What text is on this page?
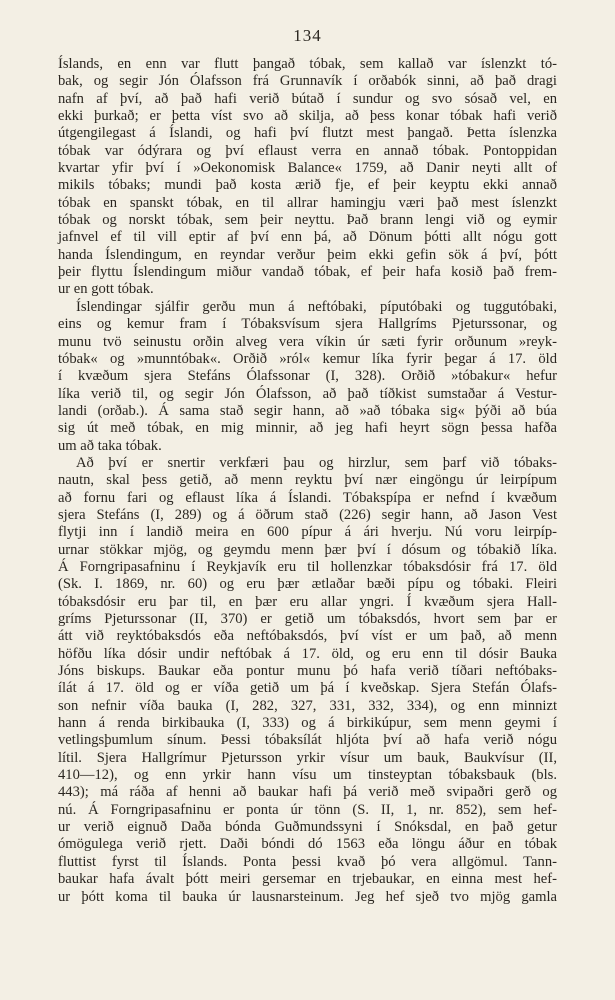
134
Íslands, en enn var flutt þangað tóbak, sem kallað var íslenzkt tó-
bak, og segir Jón Ólafsson frá Grunnavík í orðabók sinni, að það dragi
nafn af því, að það hafi verið bútað í sundur og svo sósað vel, en
ekki þurkað; er þetta víst svo að skilja, að þess konar tóbak hafi verið
útgengilegast á Íslandi, og hafi því flutzt mest þangað. Þetta íslenzka
tóbak var ódýrara og því eflaust verra en annað tóbak. Pontoppidan
kvartar yfir því í »Oekonomisk Balance« 1759, að Danir neyti allt of
mikils tóbaks; mundi það kosta ærið fje, ef þeir keyptu ekki annað
tóbak en spanskt tóbak, en til allrar hamingju væri það mest íslenzkt
tóbak og norskt tóbak, sem þeir neyttu. Það brann lengi við og eymir
jafnvel ef til vill eptir af því enn þá, að Dönum þótti allt nógu gott
handa Íslendingum, en reyndar verður þeim ekki gefin sök á því, þótt
þeir flyttu Íslendingum miður vandað tóbak, ef þeir hafa kosið það frem-
ur en gott tóbak.
Íslendingar sjálfir gerðu mun á neftóbaki, píputóbaki og tuggutóbaki,
eins og kemur fram í Tóbaksvísum sjera Hallgríms Pjeturssonar, og
munu tvö seinustu orðin alveg vera víkin úr sæti fyrir orðunum »reyk-
tóbak« og »munntóbak«. Orðið »ról« kemur líka fyrir þegar á 17. öld
í kvæðum sjera Stefáns Ólafssonar (I, 328). Orðið »tóbakur« hefur
líka verið til, og segir Jón Ólafsson, að það tíðkist sumstaðar á Vestur-
landi (orðab.). Á sama stað segir hann, að »að tóbaka sig« þýði að búa
sig út með tóbak, en mig minnir, að jeg hafi heyrt sögn þessa hafða
um að taka tóbak.
Að því er snertir verkfæri þau og hirzlur, sem þarf við tóbaks-
nautn, skal þess getið, að menn reyktu því nær eingöngu úr leirpípum
að fornu fari og eflaust líka á Íslandi. Tóbakspípa er nefnd í kvæðum
sjera Stefáns (I, 289) og á öðrum stað (226) segir hann, að Jason Vest
flytji inn í landið meira en 600 pípur á ári hverju. Nú voru leirpíp-
urnar stökkar mjög, og geymdu menn þær því í dósum og tóbakið líka.
Á Forngripasafninu í Reykjavík eru til hollenzkar tóbaksdósir frá 17. öld
(Sk. I. 1869, nr. 60) og eru þær ætlaðar bæði pípu og tóbaki. Fleiri
tóbaksdósir eru þar til, en þær eru allar yngri. Í kvæðum sjera Hall-
gríms Pjeturssonar (II, 370) er getið um tóbaksdós, hvort sem þar er
átt við reyktóbaksdós eða neftóbaksdós, því víst er um það, að menn
höfðu líka dósir undir neftóbak á 17. öld, og eru enn til dósir Bauka
Jóns biskups. Baukar eða pontur munu þó hafa verið tíðari neftóbaks-
ílát á 17. öld og er víða getið um þá í kveðskap. Sjera Stefán Ólafs-
son nefnir víða bauka (I, 282, 327, 331, 332, 334), og enn minnizt
hann á renda birkibauka (I, 333) og á birkikúpur, sem menn geymi í
vetlingsþumlum sínum. Þessi tóbaksílát hljóta því að hafa verið nógu
lítil. Sjera Hallgrímur Pjetursson yrkir vísur um bauk, Baukvísur (II,
410—12), og enn yrkir hann vísu um tinsteyptan tóbaksbauk (bls.
443); má ráða af henni að baukar hafi þá verið með svipaðri gerð og
nú. Á Forngripasafninu er ponta úr tönn (S. II, 1, nr. 852), sem hef-
ur verið eignuð Daða bónda Guðmundssyni í Snóksdal, en það getur
ómögulega verið rjett. Daði bóndi dó 1563 eða löngu áður en tóbak
fluttist fyrst til Íslands. Ponta þessi kvað þó vera allgömul. Tann-
baukar hafa ávalt þótt meiri gersemar en trjebaukar, en einna mest hef-
ur þótt koma til bauka úr lausnarsteinum. Jeg hef sjeð tvo mjög gamla
